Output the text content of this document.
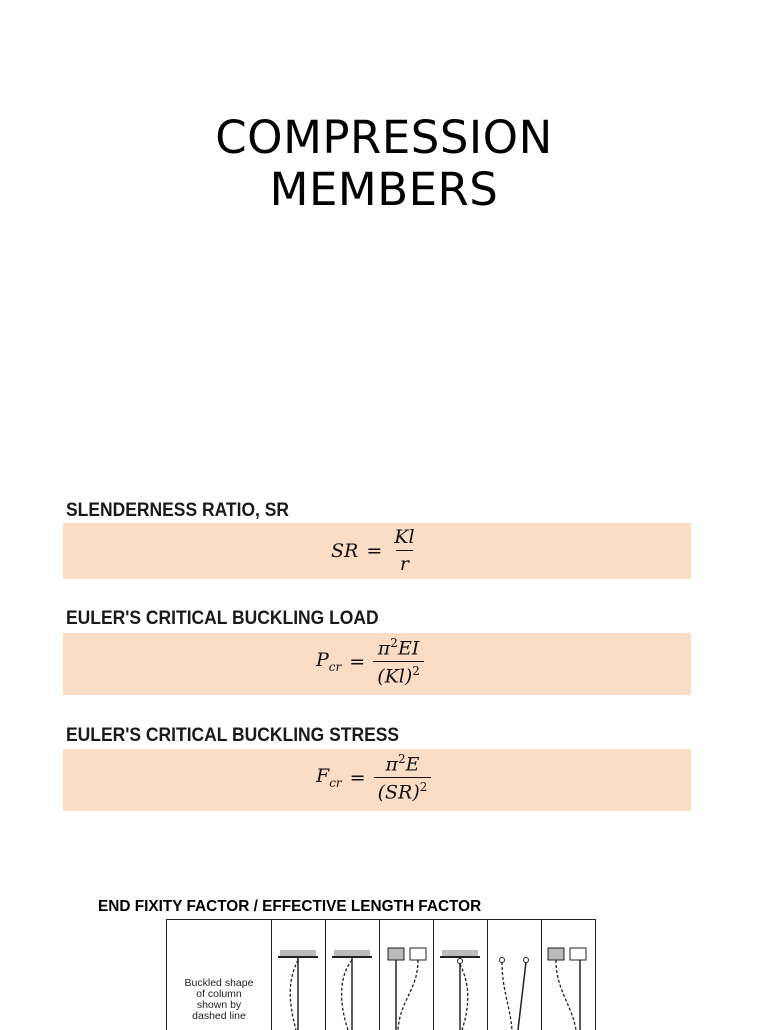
COMPRESSION
MEMBERS
SLENDERNESS RATIO, SR
SR = $\frac{Kl}{r}$
EULER'S CRITICAL BUCKLING LOAD
$P_{cr} = \frac{\pi^2EI}{(Kl)^2}$
EULER'S CRITICAL BUCKLING STRESS
$F_{cr} = \frac{\pi^2E}{(SR)^2}$
END FIXITY FACTOR / EFFECTIVE LENGTH FACTOR
Buckled shape
of column
shown by
dashed line
